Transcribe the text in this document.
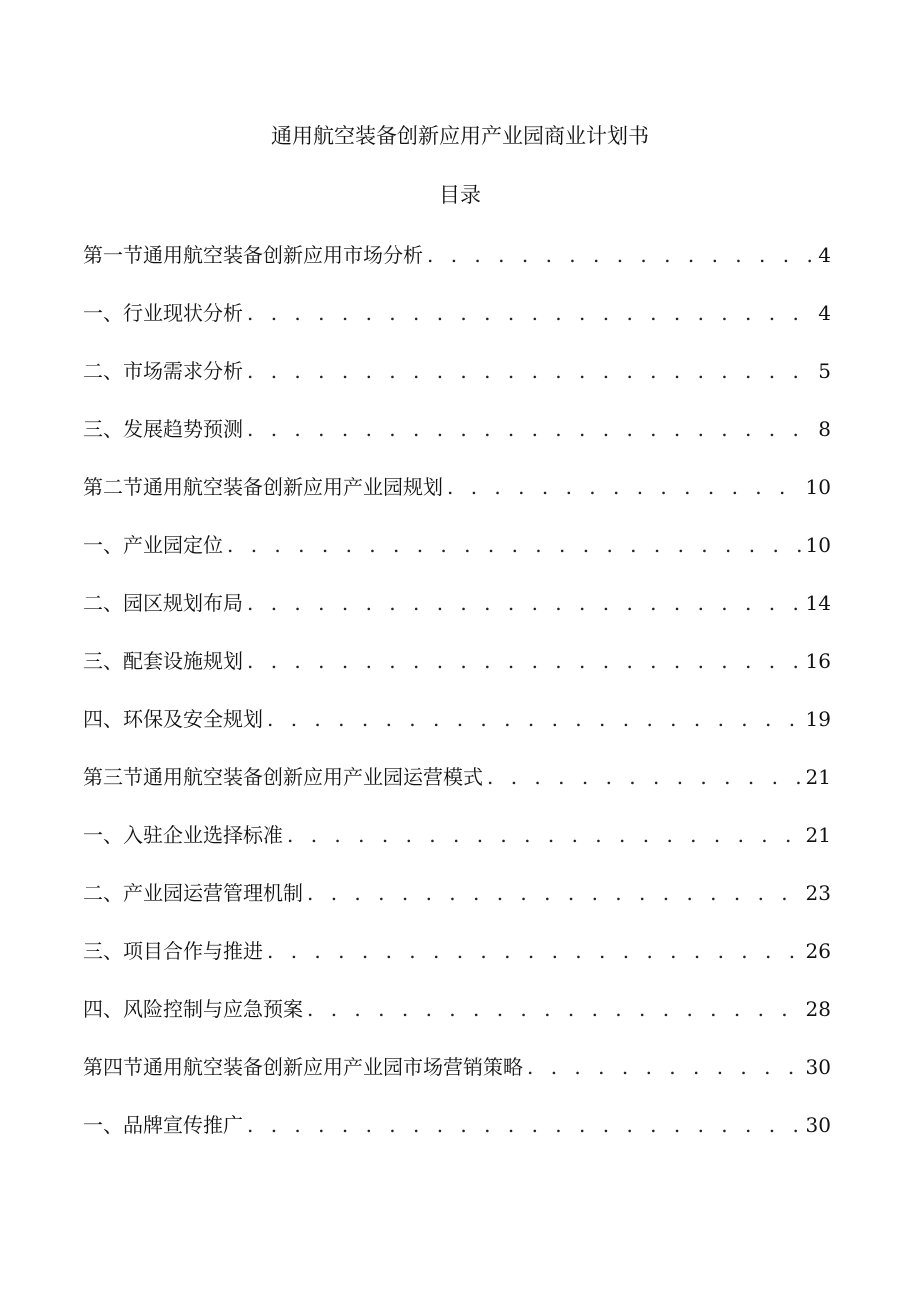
通用航空装备创新应用产业园商业计划书
目录
第一节通用航空装备创新应用市场分析 . . .	4
一、行业现状分析 . . .	4
二、市场需求分析 . . .	5
三、发展趋势预测 . . .	8
第二节通用航空装备创新应用产业园规划 . . .	10
一、产业园定位 . . .	10
二、园区规划布局 . . .	14
三、配套设施规划 . . .	16
四、环保及安全规划 . . .	19
第三节通用航空装备创新应用产业园运营模式 . . .	21
一、入驻企业选择标准 . . .	21
二、产业园运营管理机制 . . .	23
三、项目合作与推进 . . .	26
四、风险控制与应急预案 . . .	28
第四节通用航空装备创新应用产业园市场营销策略 . . .	30
一、品牌宣传推广 . . .	30
